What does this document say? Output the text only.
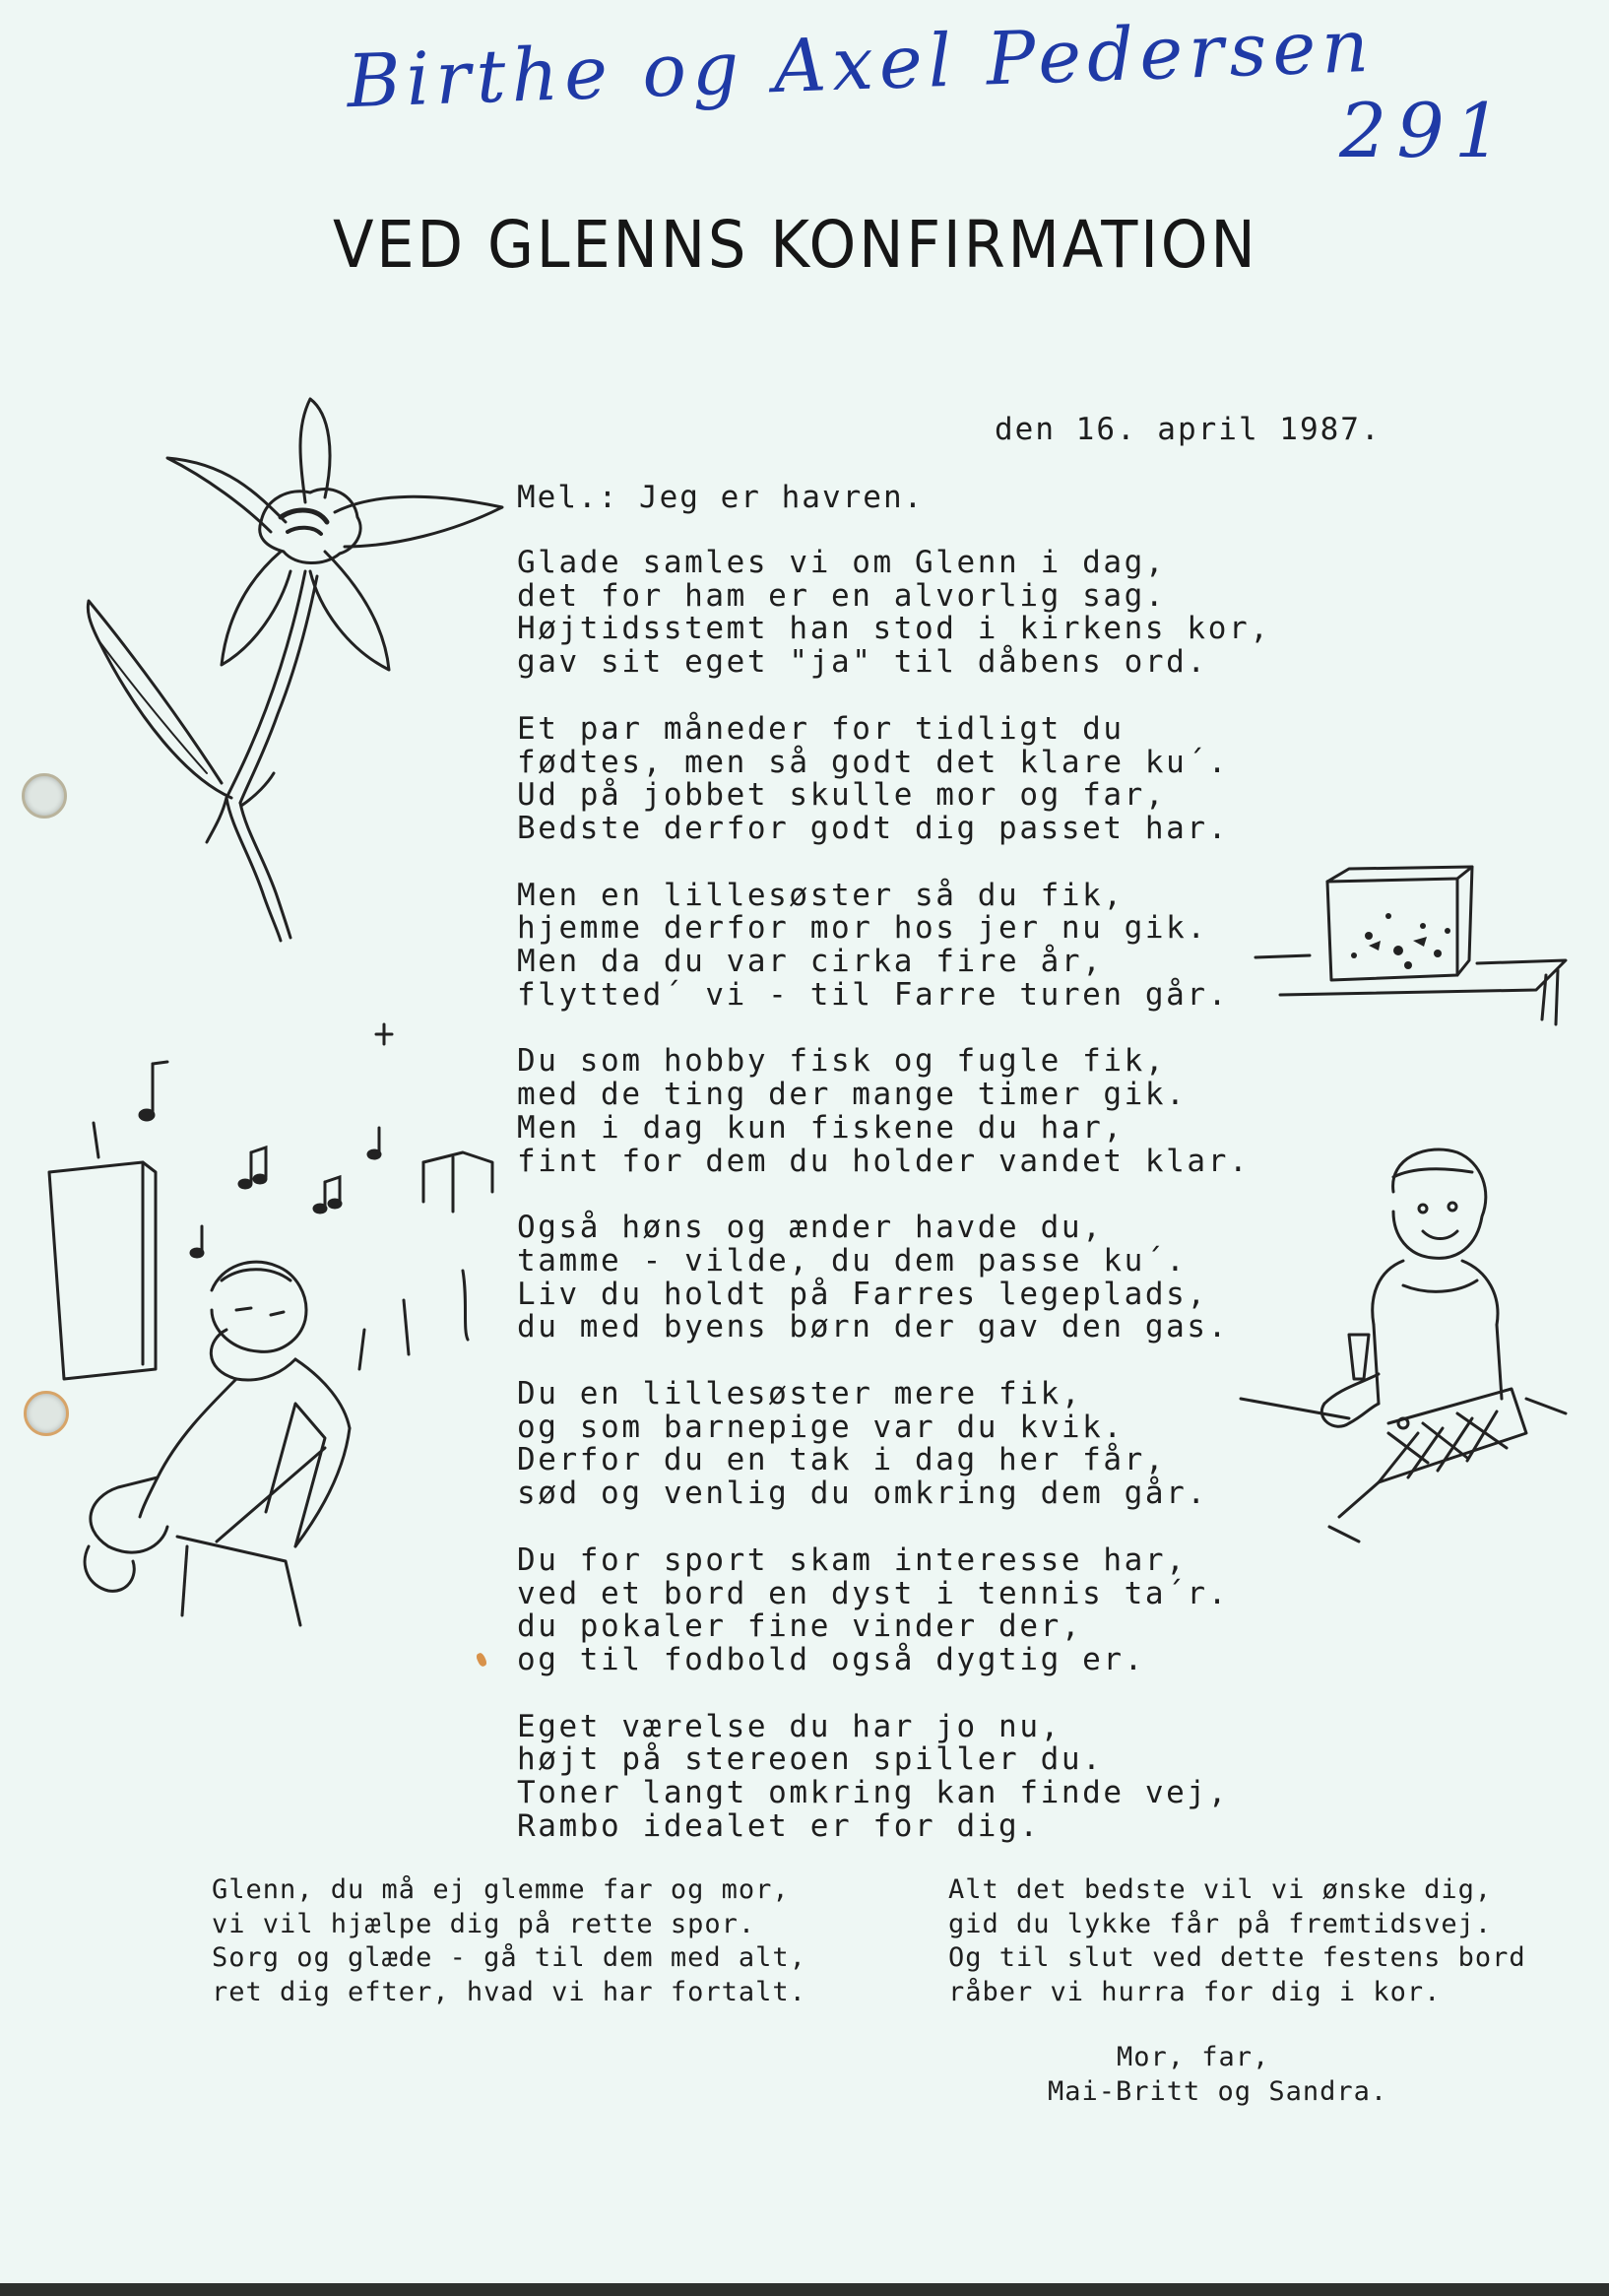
Birthe og Axel Pedersen
291
VED GLENNS KONFIRMATION
den 16. april 1987.
Mel.: Jeg er havren.
Glade samles vi om Glenn i dag,
det for ham er en alvorlig sag.
Højtidsstemt han stod i kirkens kor,
gav sit eget "ja" til dåbens ord.
Et par måneder for tidligt du
fødtes, men så godt det klare ku´.
Ud på jobbet skulle mor og far,
Bedste derfor godt dig passet har.
Men en lillesøster så du fik,
hjemme derfor mor hos jer nu gik.
Men da du var cirka fire år,
flytted´ vi - til Farre turen går.
Du som hobby fisk og fugle fik,
med de ting der mange timer gik.
Men i dag kun fiskene du har,
fint for dem du holder vandet klar.
Også høns og ænder havde du,
tamme - vilde, du dem passe ku´.
Liv du holdt på Farres legeplads,
du med byens børn der gav den gas.
Du en lillesøster mere fik,
og som barnepige var du kvik.
Derfor du en tak i dag her får,
sød og venlig du omkring dem går.
Du for sport skam interesse har,
ved et bord en dyst i tennis ta´r.
du pokaler fine vinder der,
og til fodbold også dygtig er.
Eget værelse du har jo nu,
højt på stereoen spiller du.
Toner langt omkring kan finde vej,
Rambo idealet er for dig.
Glenn, du må ej glemme far og mor,
vi vil hjælpe dig på rette spor.
Sorg og glæde - gå til dem med alt,
ret dig efter, hvad vi har fortalt.
Alt det bedste vil vi ønske dig,
gid du lykke får på fremtidsvej.
Og til slut ved dette festens bord
råber vi hurra for dig i kor.
Mor, far,
Mai-Britt og Sandra.
